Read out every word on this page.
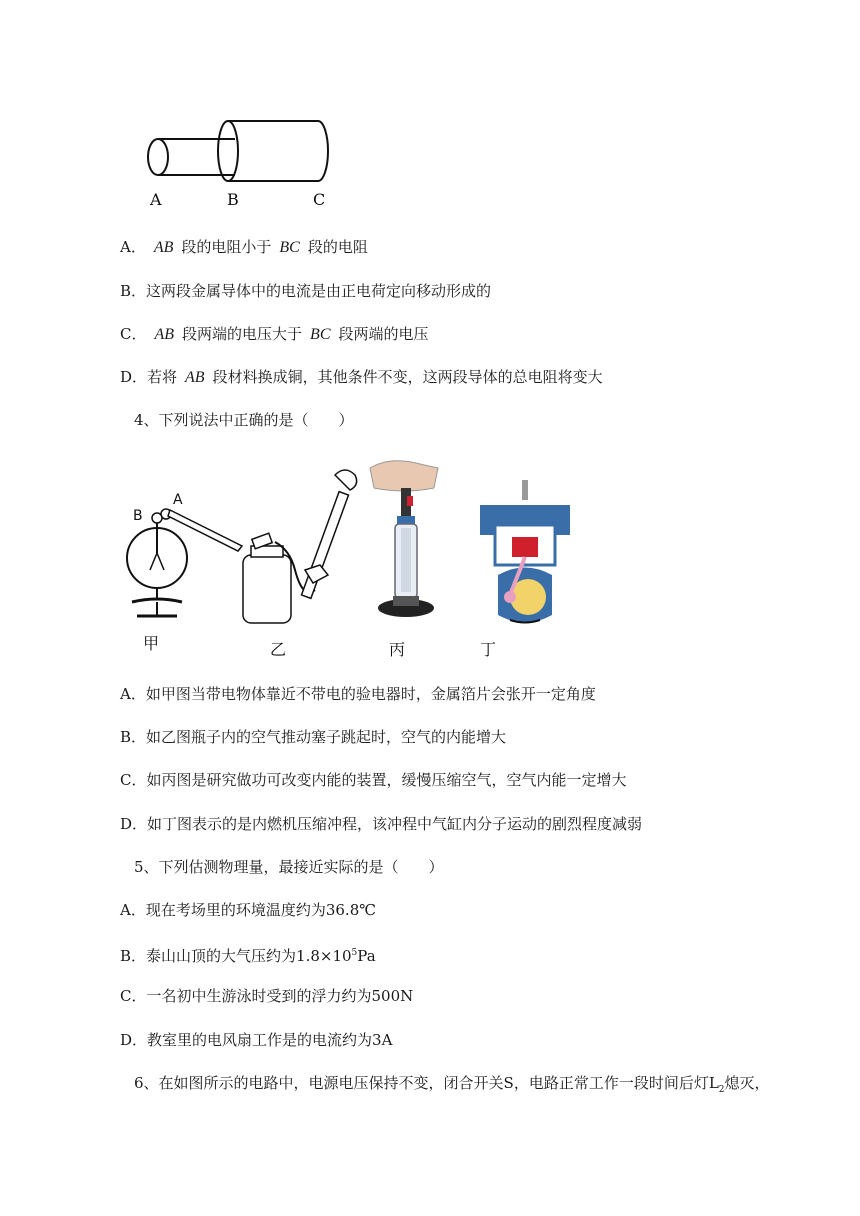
A	B	C
A． AB 段的电阻小于 BC 段的电阻
B．这两段金属导体中的电流是由正电荷定向移动形成的
C． AB 段两端的电压大于 BC 段两端的电压
D．若将 AB 段材料换成铜，其他条件不变，这两段导体的总电阻将变大
4、下列说法中正确的是（　　）
B
A
甲	乙	丙	丁
A．如甲图当带电物体靠近不带电的验电器时，金属箔片会张开一定角度
B．如乙图瓶子内的空气推动塞子跳起时，空气的内能增大
C．如丙图是研究做功可改变内能的装置，缓慢压缩空气，空气内能一定增大
D．如丁图表示的是内燃机压缩冲程，该冲程中气缸内分子运动的剧烈程度减弱
5、下列估测物理量，最接近实际的是（　　）
A．现在考场里的环境温度约为36.8℃
B．泰山山顶的大气压约为$1.8\times 10^5Pa$
C．一名初中生游泳时受到的浮力约为500N
D．教室里的电风扇工作是的电流约为3A
6、在如图所示的电路中，电源电压保持不变，闭合开关S，电路正常工作一段时间后灯$L_2$熄灭，
